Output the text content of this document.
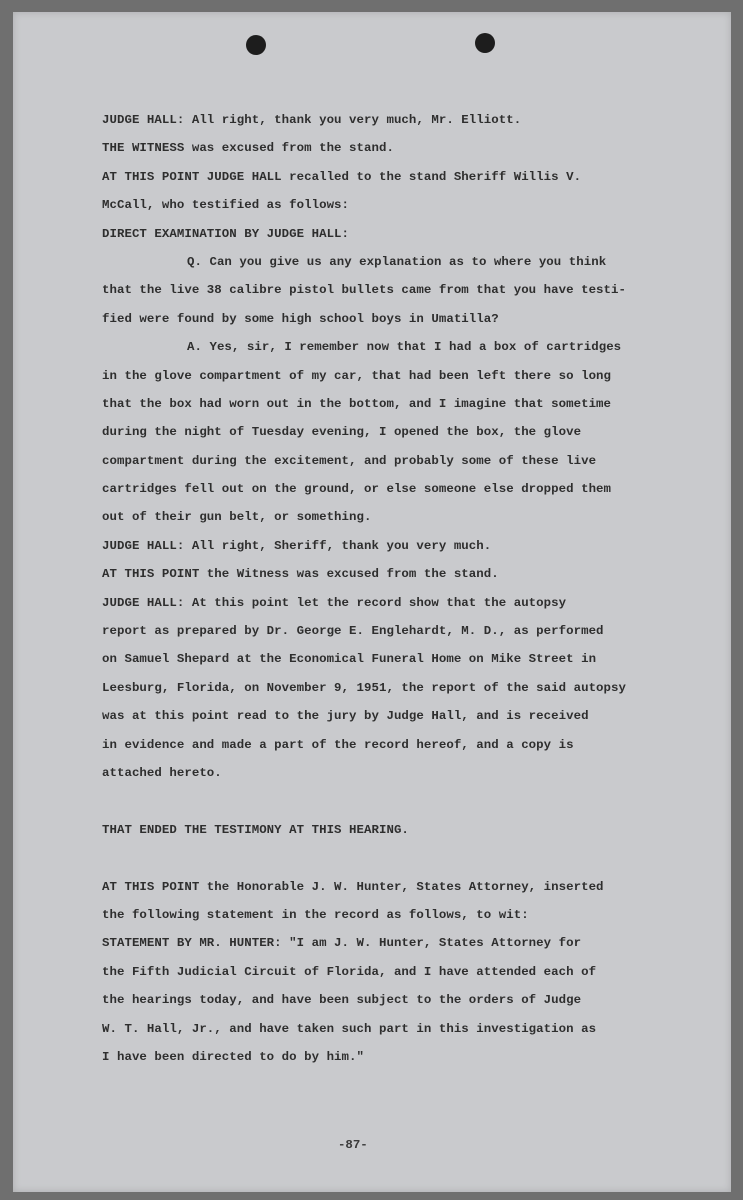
JUDGE HALL: All right, thank you very much, Mr. Elliott.
THE WITNESS was excused from the stand.
AT THIS POINT JUDGE HALL recalled to the stand Sheriff Willis V.
McCall, who testified as follows:
DIRECT EXAMINATION BY JUDGE HALL:
Q. Can you give us any explanation as to where you think
that the live 38 calibre pistol bullets came from that you have testi-
fied were found by some high school boys in Umatilla?
A. Yes, sir, I remember now that I had a box of cartridges
in the glove compartment of my car, that had been left there so long
that the box had worn out in the bottom, and I imagine that sometime
during the night of Tuesday evening, I opened the box, the glove
compartment during the excitement, and probably some of these live
cartridges fell out on the ground, or else someone else dropped them
out of their gun belt, or something.
JUDGE HALL: All right, Sheriff, thank you very much.
AT THIS POINT the Witness was excused from the stand.
JUDGE HALL: At this point let the record show that the autopsy
report as prepared by Dr. George E. Englehardt, M. D., as performed
on Samuel Shepard at the Economical Funeral Home on Mike Street in
Leesburg, Florida, on November 9, 1951, the report of the said autopsy
was at this point read to the jury by Judge Hall, and is received
in evidence and made a part of the record hereof, and a copy is
attached hereto.
THAT ENDED THE TESTIMONY AT THIS HEARING.
AT THIS POINT the Honorable J. W. Hunter, States Attorney, inserted
the following statement in the record as follows, to wit:
STATEMENT BY MR. HUNTER: "I am J. W. Hunter, States Attorney for
the Fifth Judicial Circuit of Florida, and I have attended each of
the hearings today, and have been subject to the orders of Judge
W. T. Hall, Jr., and have taken such part in this investigation as
I have been directed to do by him."
-87-
